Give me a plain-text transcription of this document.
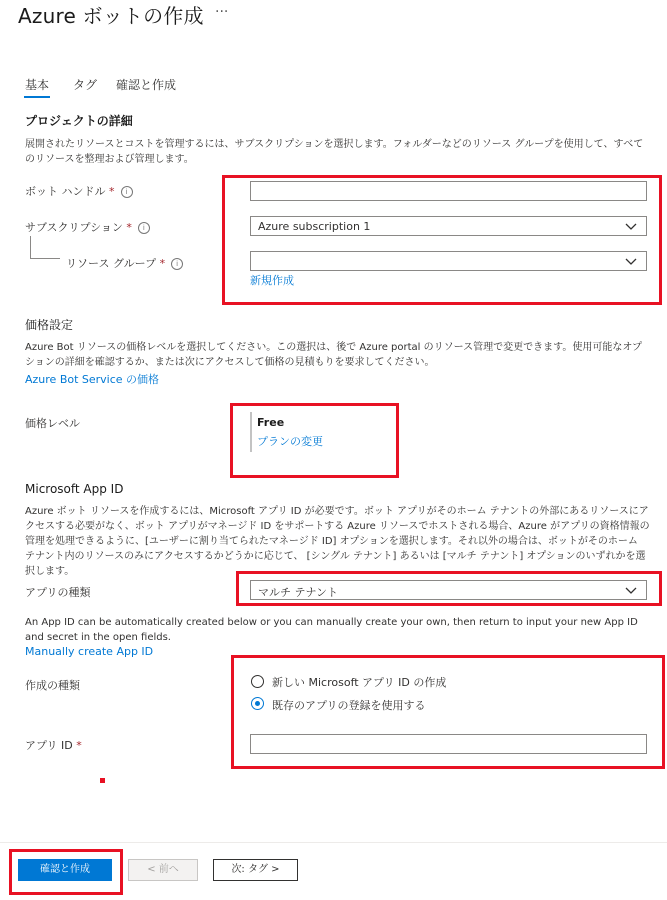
Azure ボットの作成 ···
基本 タグ 確認と作成
プロジェクトの詳細
展開されたリソースとコストを管理するには、サブスクリプションを選択します。フォルダーなどのリソース グループを使用して、すべてのリソースを整理および管理します。
ボット ハンドル * i
サブスクリプション * i	Azure subscription 1
リソース グループ * i
新規作成
価格設定
Azure Bot リソースの価格レベルを選択してください。この選択は、後で Azure portal のリソース管理で変更できます。使用可能なオプションの詳細を確認するか、または次にアクセスして価格の見積もりを要求してください。
Azure Bot Service の価格
価格レベル	Free
プランの変更
Microsoft App ID
Azure ボット リソースを作成するには、Microsoft アプリ ID が必要です。ボット アプリがそのホーム テナントの外部にあるリソースにアクセスする必要がなく、ボット アプリがマネージド ID をサポートする Azure リソースでホストされる場合、Azure がアプリの資格情報の管理を処理できるように、[ユーザーに割り当てられたマネージド ID] オプションを選択します。それ以外の場合は、ボットがそのホーム テナント内のリソースのみにアクセスするかどうかに応じて、 [シングル テナント] あるいは [マルチ テナント] オプションのいずれかを選択します。
アプリの種類	マルチ テナント
An App ID can be automatically created below or you can manually create your own, then return to input your new App ID and secret in the open fields.
Manually create App ID
作成の種類	新しい Microsoft アプリ ID の作成
既存のアプリの登録を使用する
アプリ ID *
確認と作成	< 前へ	次: タグ >
